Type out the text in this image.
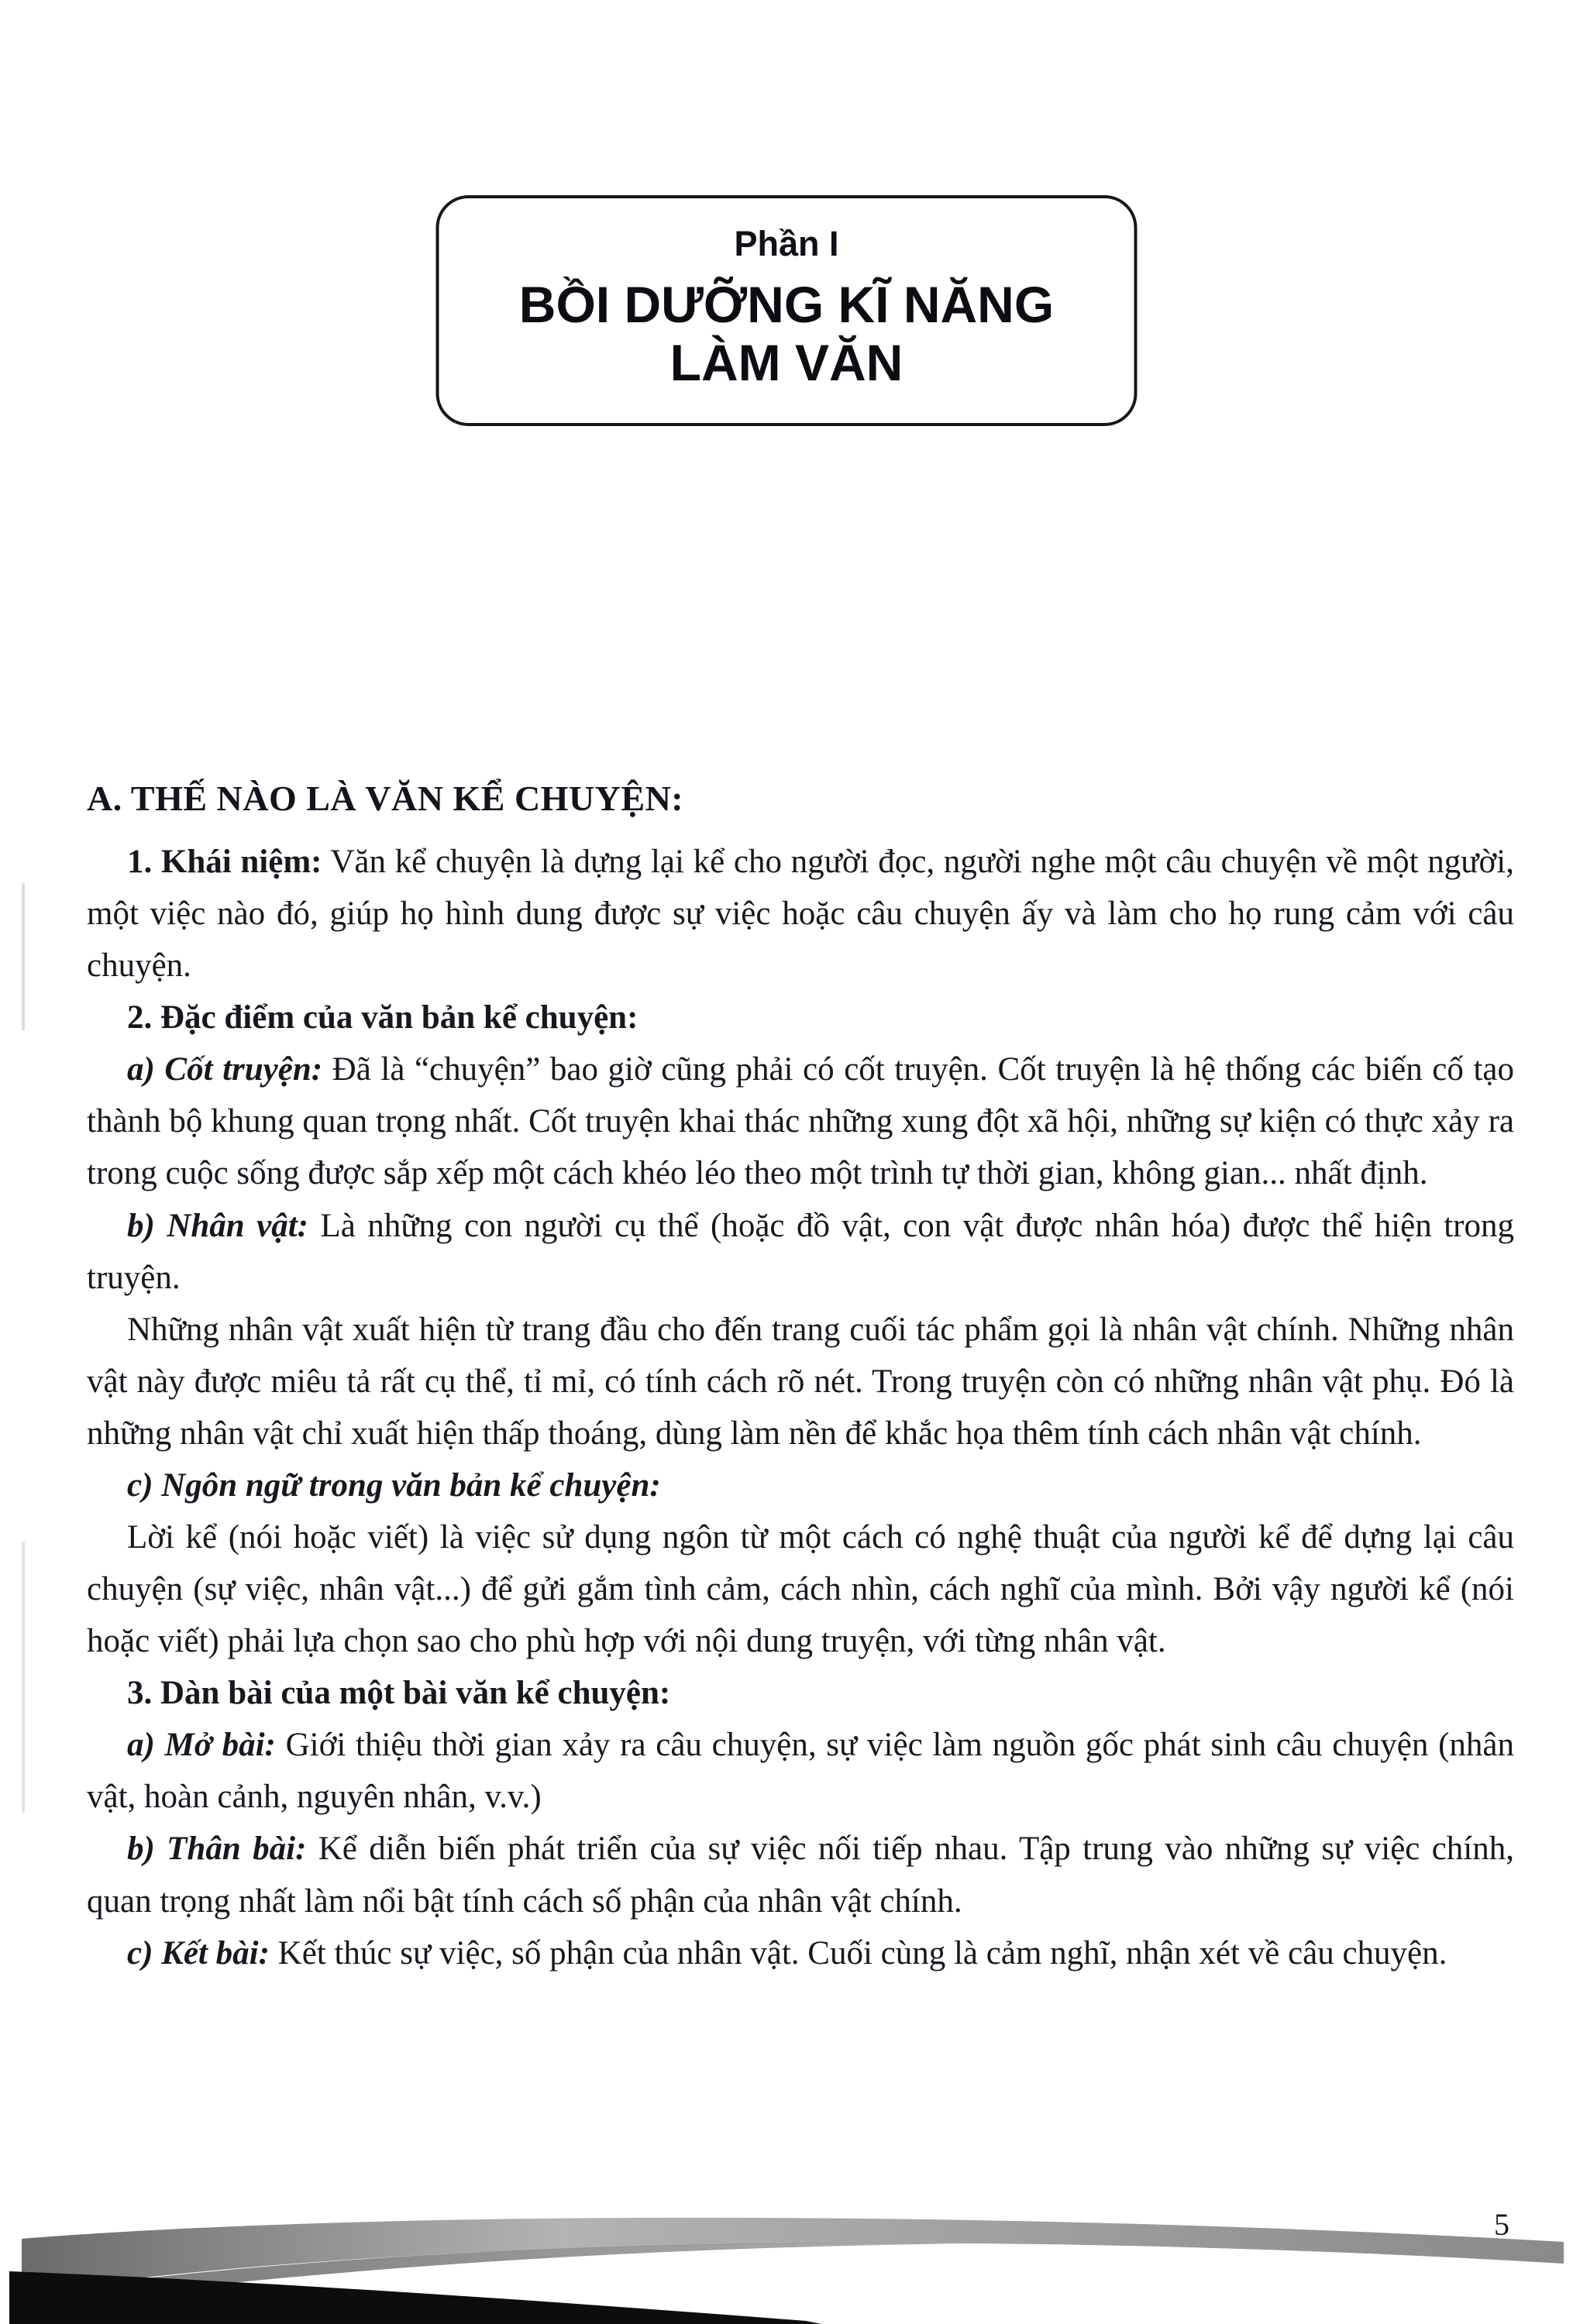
Phần I
BỒI DƯỠNG KĨ NĂNG
LÀM VĂN
A. THẾ NÀO LÀ VĂN KỂ CHUYỆN:

1. Khái niệm: Văn kể chuyện là dựng lại kể cho người đọc, người nghe một câu chuyện về một người, một việc nào đó, giúp họ hình dung được sự việc hoặc câu chuyện ấy và làm cho họ rung cảm với câu chuyện.

2. Đặc điểm của văn bản kể chuyện:

a) Cốt truyện: Đã là “chuyện” bao giờ cũng phải có cốt truyện. Cốt truyện là hệ thống các biến cố tạo thành bộ khung quan trọng nhất. Cốt truyện khai thác những xung đột xã hội, những sự kiện có thực xảy ra trong cuộc sống được sắp xếp một cách khéo léo theo một trình tự thời gian, không gian... nhất định.

b) Nhân vật: Là những con người cụ thể (hoặc đồ vật, con vật được nhân hóa) được thể hiện trong truyện.

Những nhân vật xuất hiện từ trang đầu cho đến trang cuối tác phẩm gọi là nhân vật chính. Những nhân vật này được miêu tả rất cụ thể, tỉ mỉ, có tính cách rõ nét. Trong truyện còn có những nhân vật phụ. Đó là những nhân vật chỉ xuất hiện thấp thoáng, dùng làm nền để khắc họa thêm tính cách nhân vật chính.

c) Ngôn ngữ trong văn bản kể chuyện:

Lời kể (nói hoặc viết) là việc sử dụng ngôn từ một cách có nghệ thuật của người kể để dựng lại câu chuyện (sự việc, nhân vật...) để gửi gắm tình cảm, cách nhìn, cách nghĩ của mình. Bởi vậy người kể (nói hoặc viết) phải lựa chọn sao cho phù hợp với nội dung truyện, với từng nhân vật.

3. Dàn bài của một bài văn kể chuyện:

a) Mở bài: Giới thiệu thời gian xảy ra câu chuyện, sự việc làm nguồn gốc phát sinh câu chuyện (nhân vật, hoàn cảnh, nguyên nhân, v.v.)

b) Thân bài: Kể diễn biến phát triển của sự việc nối tiếp nhau. Tập trung vào những sự việc chính, quan trọng nhất làm nổi bật tính cách số phận của nhân vật chính.

c) Kết bài: Kết thúc sự việc, số phận của nhân vật. Cuối cùng là cảm nghĩ, nhận xét về câu chuyện.

5
